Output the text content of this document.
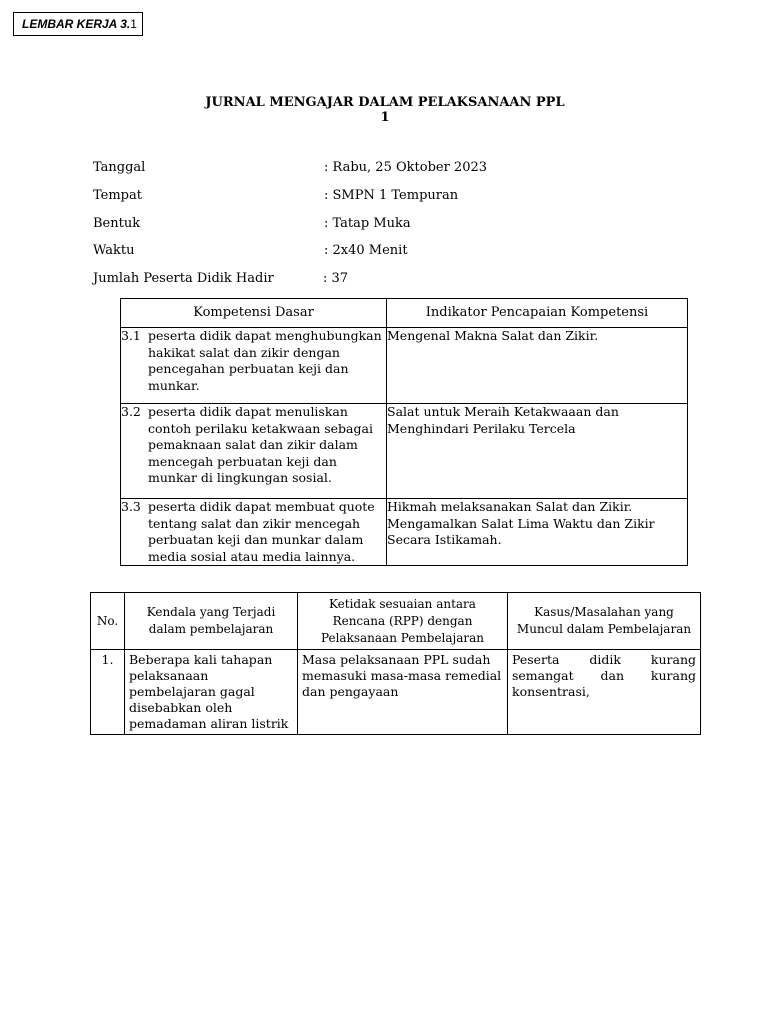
LEMBAR KERJA 3.1
JURNAL MENGAJAR DALAM PELAKSANAAN PPL
1
Tanggal	: Rabu, 25 Oktober 2023
Tempat	: SMPN 1 Tempuran
Bentuk	: Tatap Muka
Waktu	: 2x40 Menit
Jumlah Peserta Didik Hadir	: 37
Kompetensi Dasar	Indikator Pencapaian Kompetensi

3.1 peserta didik dapat menghubungkan hakikat salat dan zikir dengan pencegahan perbuatan keji dan munkar.	Mengenal Makna Salat dan Zikir.

3.2 peserta didik dapat menuliskan contoh perilaku ketakwaan sebagai pemaknaan salat dan zikir dalam mencegah perbuatan keji dan munkar di lingkungan sosial.	Salat untuk Meraih Ketakwaaan dan Menghindari Perilaku Tercela

3.3 peserta didik dapat membuat quote tentang salat dan zikir mencegah perbuatan keji dan munkar dalam media sosial atau media lainnya.	Hikmah melaksanakan Salat dan Zikir.
Mengamalkan Salat Lima Waktu dan Zikir Secara Istikamah.
No.	Kendala yang Terjadi dalam pembelajaran	Ketidak sesuaian antara Rencana (RPP) dengan Pelaksanaan Pembelajaran	Kasus/Masalahan yang Muncul dalam Pembelajaran
1.	Beberapa kali tahapan pelaksanaan pembelajaran gagal disebabkan oleh pemadaman aliran listrik	Masa pelaksanaan PPL sudah memasuki masa-masa remedial dan pengayaan	Peserta didik kurang semangat dan kurang konsentrasi,
